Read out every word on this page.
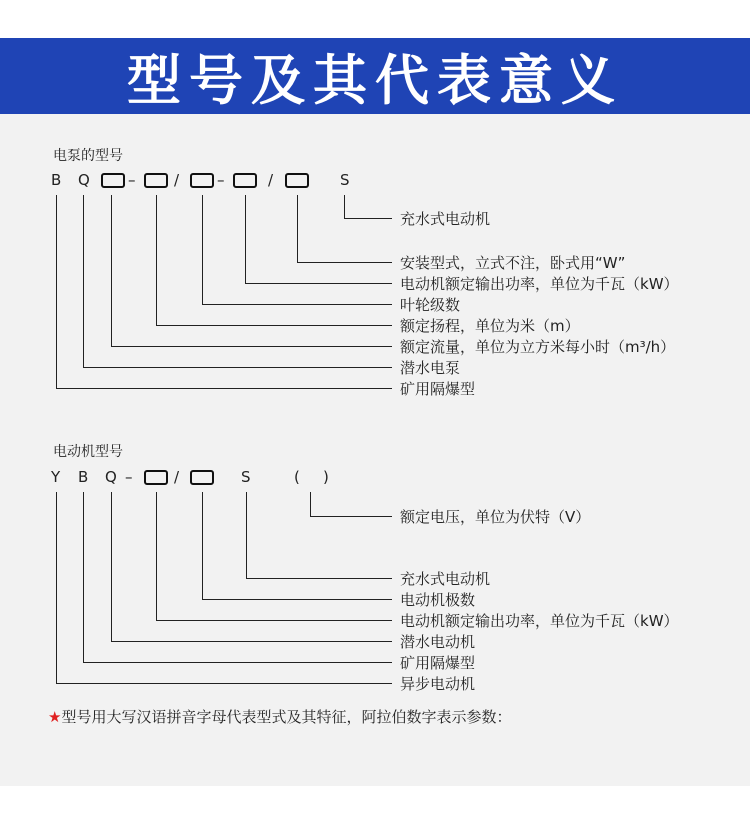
型号及其代表意义
电泵的型号
B Q	–	/	–	/	S
充水式电动机
安装型式，立式不注，卧式用“W”
电动机额定输出功率，单位为千瓦（kW）
叶轮级数
额定扬程，单位为米（m）
额定流量，单位为立方米每小时（m³/h）
潜水电泵
矿用隔爆型
电动机型号
Y B Q –	/	S	( )
额定电压，单位为伏特（V）
充水式电动机
电动机极数
电动机额定输出功率，单位为千瓦（kW）
潜水电动机
矿用隔爆型
异步电动机
★型号用大写汉语拼音字母代表型式及其特征，阿拉伯数字表示参数：
